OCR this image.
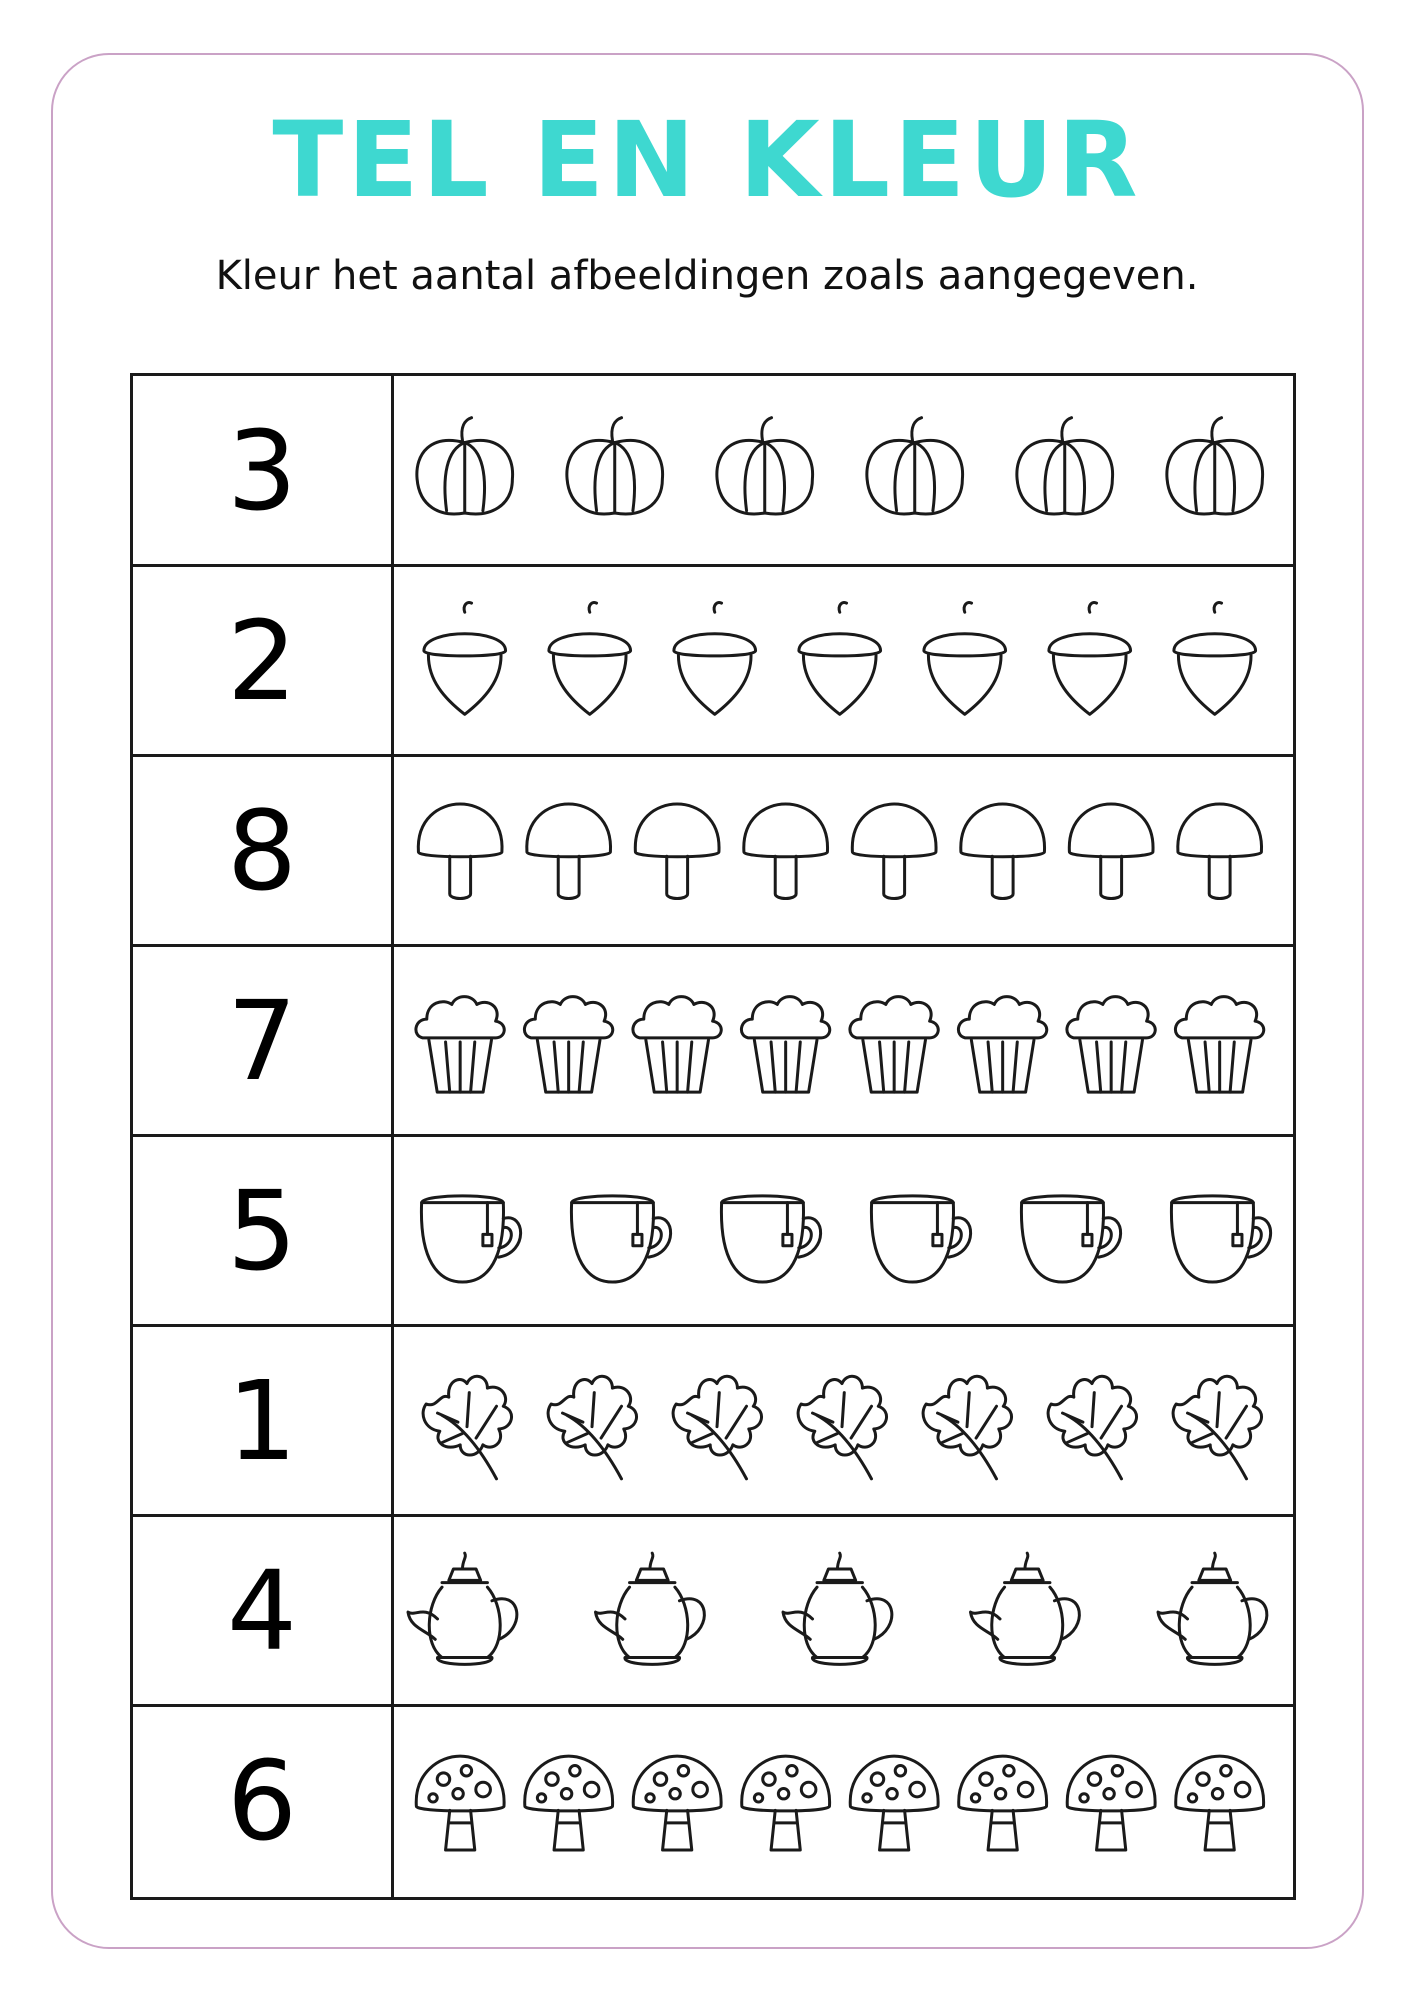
TEL EN KLEUR
Kleur het aantal afbeeldingen zoals aangegeven.
3
2
8
7
5
1
4
6
